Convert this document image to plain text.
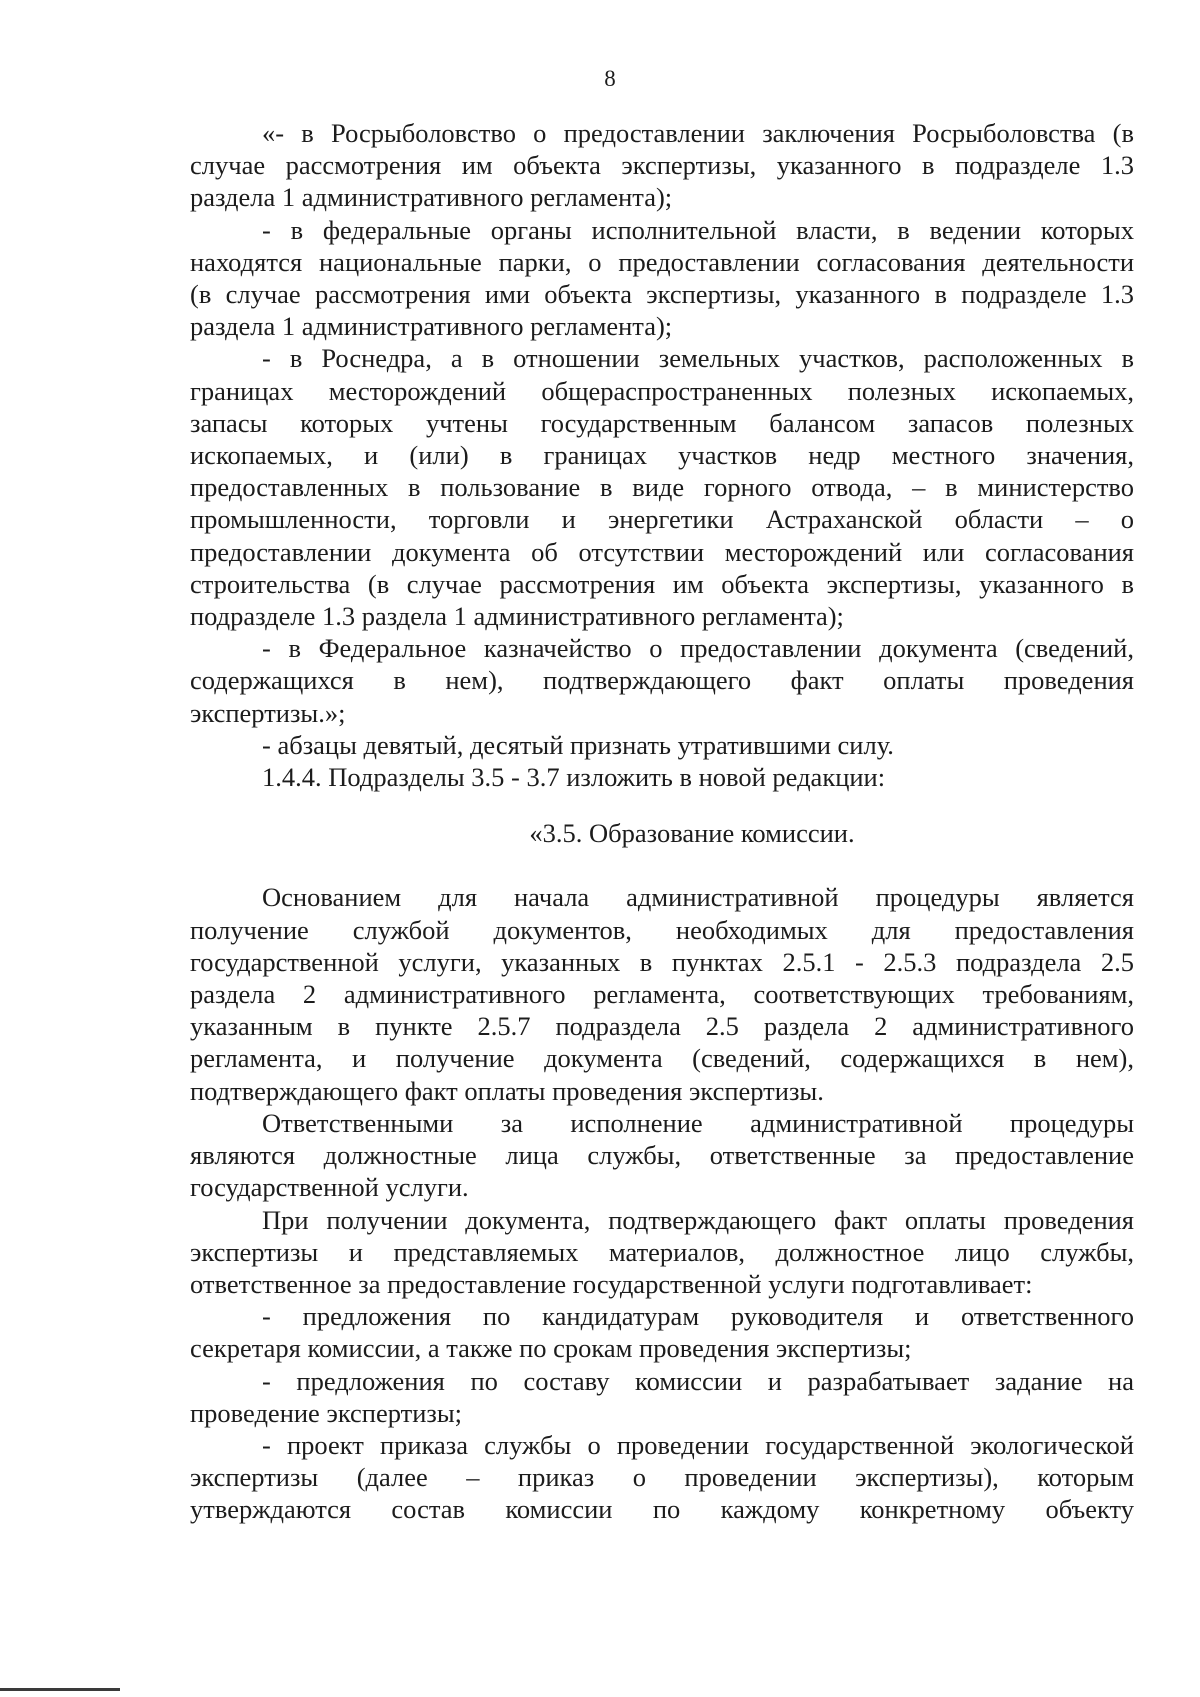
8

«- в Росрыболовство о предоставлении заключения Росрыболовства (в

случае рассмотрения им объекта экспертизы, указанного в подразделе 1.3

раздела 1 административного регламента);

- в федеральные органы исполнительной власти, в ведении которых

находятся национальные парки, о предоставлении согласования деятельности

(в случае рассмотрения ими объекта экспертизы, указанного в подразделе 1.3

раздела 1 административного регламента);

- в Роснедра, а в отношении земельных участков, расположенных в

границах месторождений общераспространенных полезных ископаемых,

запасы которых учтены государственным балансом запасов полезных

ископаемых, и (или) в границах участков недр местного значения,

предоставленных в пользование в виде горного отвода, – в министерство

промышленности, торговли и энергетики Астраханской области – о

предоставлении документа об отсутствии месторождений или согласования

строительства (в случае рассмотрения им объекта экспертизы, указанного в

подразделе 1.3 раздела 1 административного регламента);

- в Федеральное казначейство о предоставлении документа (сведений,

содержащихся в нем), подтверждающего факт оплаты проведения

экспертизы.»;

- абзацы девятый, десятый признать утратившими силу.

1.4.4. Подразделы 3.5 - 3.7 изложить в новой редакции:

«3.5. Образование комиссии.

Основанием для начала административной процедуры является

получение службой документов, необходимых для предоставления

государственной услуги, указанных в пунктах 2.5.1 - 2.5.3 подраздела 2.5

раздела 2 административного регламента, соответствующих требованиям,

указанным в пункте 2.5.7 подраздела 2.5 раздела 2 административного

регламента, и получение документа (сведений, содержащихся в нем),

подтверждающего факт оплаты проведения экспертизы.

Ответственными за исполнение административной процедуры

являются должностные лица службы, ответственные за предоставление

государственной услуги.

При получении документа, подтверждающего факт оплаты проведения

экспертизы и представляемых материалов, должностное лицо службы,

ответственное за предоставление государственной услуги подготавливает:

- предложения по кандидатурам руководителя и ответственного

секретаря комиссии, а также по срокам проведения экспертизы;

- предложения по составу комиссии и разрабатывает задание на

проведение экспертизы;

- проект приказа службы о проведении государственной экологической

экспертизы (далее – приказ о проведении экспертизы), которым

утверждаются состав комиссии по каждому конкретному объекту
